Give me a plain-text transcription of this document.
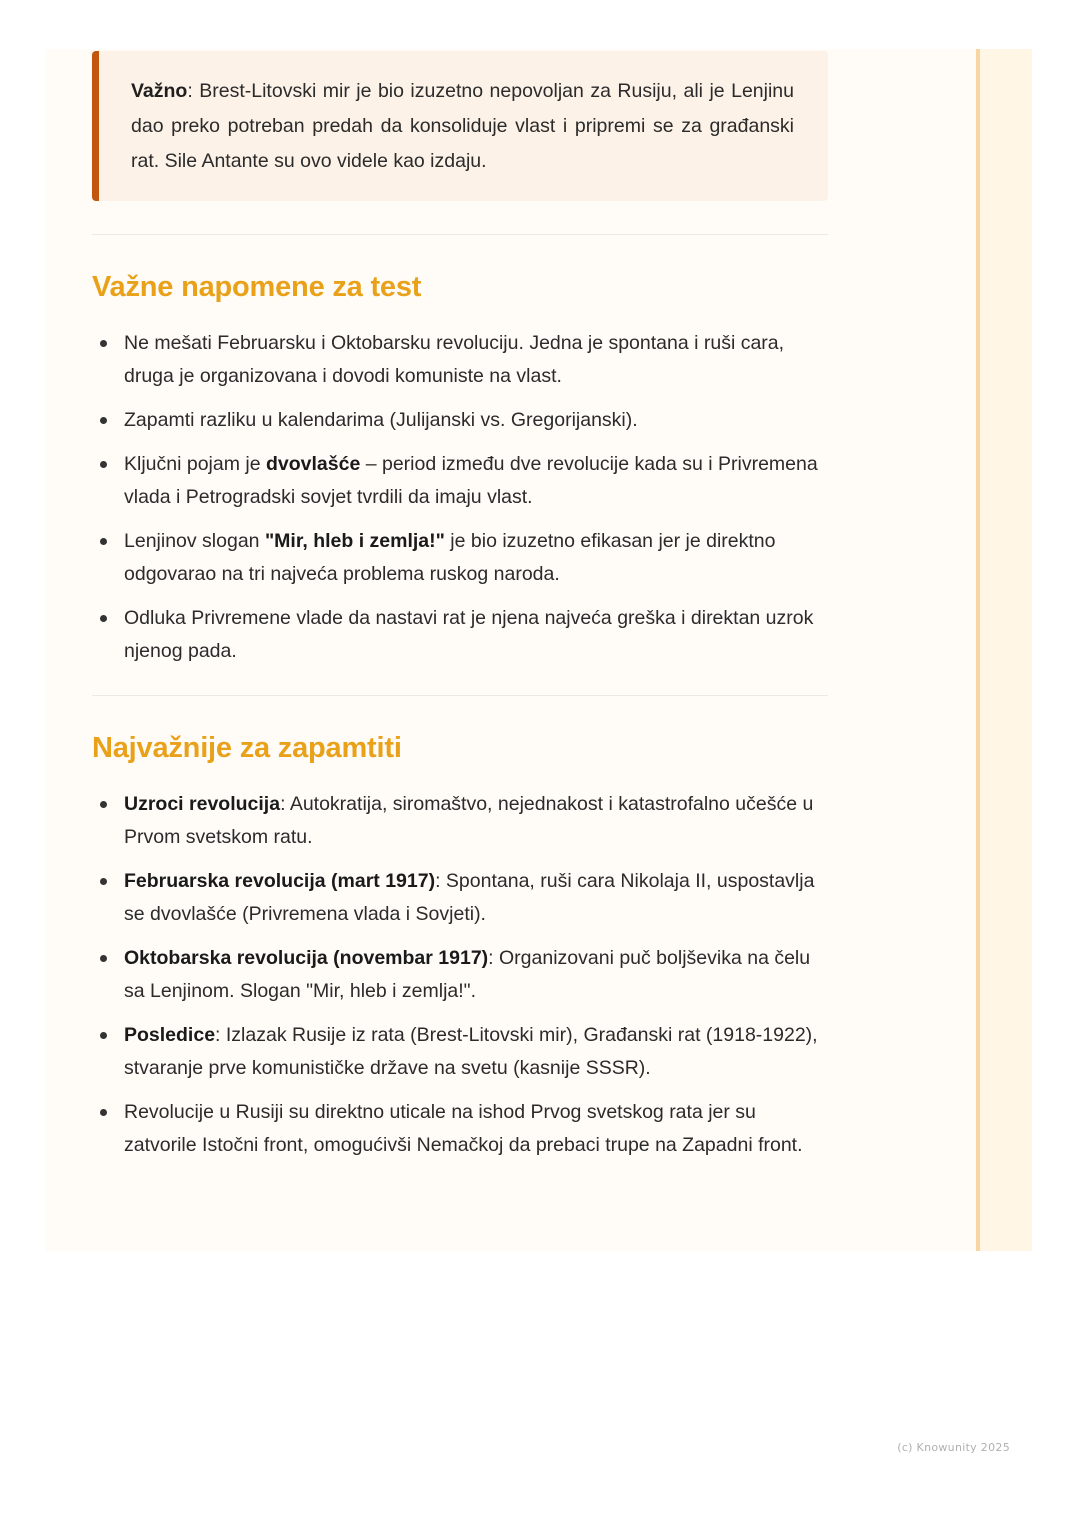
Važno: Brest-Litovski mir je bio izuzetno nepovoljan za Rusiju, ali je Lenjinu dao preko potreban predah da konsoliduje vlast i pripremi se za građanski rat. Sile Antante su ovo videle kao izdaju.
Važne napomene za test
Ne mešati Februarsku i Oktobarsku revoluciju. Jedna je spontana i ruši cara, druga je organizovana i dovodi komuniste na vlast.
Zapamti razliku u kalendarima (Julijanski vs. Gregorijanski).
Ključni pojam je dvovlašće – period između dve revolucije kada su i Privremena vlada i Petrogradski sovjet tvrdili da imaju vlast.
Lenjinov slogan "Mir, hleb i zemlja!" je bio izuzetno efikasan jer je direktno odgovarao na tri najveća problema ruskog naroda.
Odluka Privremene vlade da nastavi rat je njena najveća greška i direktan uzrok njenog pada.
Najvažnije za zapamtiti
Uzroci revolucija: Autokratija, siromaštvo, nejednakost i katastrofalno učešće u Prvom svetskom ratu.
Februarska revolucija (mart 1917): Spontana, ruši cara Nikolaja II, uspostavlja se dvovlašće (Privremena vlada i Sovjeti).
Oktobarska revolucija (novembar 1917): Organizovani puč boljševika na čelu sa Lenjinom. Slogan "Mir, hleb i zemlja!".
Posledice: Izlazak Rusije iz rata (Brest-Litovski mir), Građanski rat (1918-1922), stvaranje prve komunističke države na svetu (kasnije SSSR).
Revolucije u Rusiji su direktno uticale na ishod Prvog svetskog rata jer su zatvorile Istočni front, omogućivši Nemačkoj da prebaci trupe na Zapadni front.
(c) Knowunity 2025
